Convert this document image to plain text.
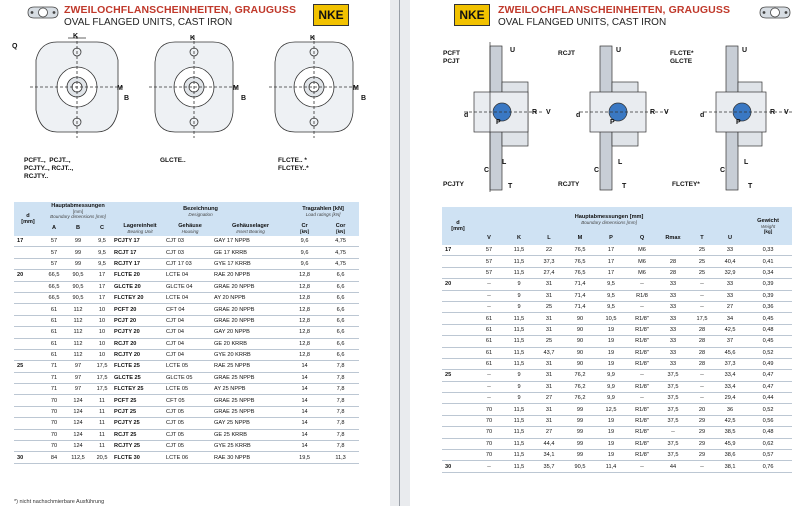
ZWEILOCHFLANSCHEINHEITEN, GRAUGUSS
OVAL FLANGED UNITS, CAST IRON
NKE
K
Q
M
B
PCFT..,  PCJT..,
PCJTY.., RCJT..,
RCJTY..
K
M
B
GLCTE..
K
M
B
FLCTE.. *
FLCTEY..*
d
[mm]	Hauptabmessungen
[mm]
Boundary dimensions [mm]			Bezeichnung
Designation			Tragzahlen [kN]
Load ratings [kN]	

	A	B	C	Lagereinheit
Bearing Unit	Gehäuse
Housing	Gehäuselager
Insert Bearing	Cr
[kN]	Cor
[kN]

17	57	99	9,5	PCJTY 17	CJT 03	GAY 17 NPPB	9,6	4,75
	57	99	9,5	RCJT 17	CJT 03	GE 17 KRRB	9,6	4,75
	57	99	9,5	RCJTY 17	CJT 17 03	GYE 17 KRRB	9,6	4,75
20	66,5	90,5	17	FLCTE 20	LCTE 04	RAE 20 NPPB	12,8	6,6
	66,5	90,5	17	GLCTE 20	GLCTE 04	GRAE 20 NPPB	12,8	6,6
	66,5	90,5	17	FLCTEY 20	LCTE 04	AY 20 NPPB	12,8	6,6
	61	112	10	PCFT 20	CFT 04	GRAE 20 NPPB	12,8	6,6
	61	112	10	PCJT 20	CJT 04	GRAE 20 NPPB	12,8	6,6
	61	112	10	PCJTY 20	CJT 04	GAY 20 NPPB	12,8	6,6
	61	112	10	RCJT 20	CJT 04	GE 20 KRRB	12,8	6,6
	61	112	10	RCJTY 20	CJT 04	GYE 20 KRRB	12,8	6,6
25	71	97	17,5	FLCTE 25	LCTE 05	RAE 25 NPPB	14	7,8
	71	97	17,5	GLCTE 25	GLCTE 05	GRAE 25 NPPB	14	7,8
	71	97	17,5	FLCTEY 25	LCTE 05	AY 25 NPPB	14	7,8
	70	124	11	PCFT 25	CFT 05	GRAE 25 NPPB	14	7,8
	70	124	11	PCJT 25	CJT 05	GRAE 25 NPPB	14	7,8
	70	124	11	PCJTY 25	CJT 05	GAY 25 NPPB	14	7,8
	70	124	11	RCJT 25	CJT 05	GE 25 KRRB	14	7,8
	70	124	11	RCJTY 25	CJT 05	GYE 25 KRRB	14	7,8
30	84	112,5	20,5	FLCTE 30	LCTE 06	RAE 30 NPPB	19,5	11,3
*) nicht nachschmierbare Ausführung
NKE	ZWEILOCHFLANSCHEINHEITEN, GRAUGUSS
OVAL FLANGED UNITS, CAST IRON
U
d
P
R V
C
T
L
PCFT
PCJT
PCJTY
U
d
P
R V
C
T
L
RCJT
RCJTY
U
d
P
R V
C
T
L
FLCTE*
GLCTE
FLCTEY*
d
[mm]	Hauptabmessungen [mm]
Boundary dimensions [mm]									Gewicht
Weight
[kg]

	V	K	L	M	P	Q	Rmax	T	U	
17	57	11,5	22	76,5	17	M6		25	33	0,33
	57	11,5	37,3	76,5	17	M6	28	25	40,4	0,41
	57	11,5	27,4	76,5	17	M6	28	25	32,9	0,34
20	--	9	31	71,4	9,5	--	33	--	33	0,39
	--	9	31	71,4	9,5	R1/8	33	--	33	0,39
	--	9	25	71,4	9,5	--	33	--	27	0,36
	61	11,5	31	90	10,5	R1/8"	33	17,5	34	0,45
	61	11,5	31	90	19	R1/8"	33	28	42,5	0,48
	61	11,5	25	90	19	R1/8"	33	28	37	0,45
	61	11,5	43,7	90	19	R1/8"	33	28	45,6	0,52
	61	11,5	31	90	19	R1/8"	33	28	37,3	0,49
25	--	9	31	76,2	9,9	--	37,5	--	33,4	0,47
	--	9	31	76,2	9,9	R1/8"	37,5	--	33,4	0,47
	--	9	27	76,2	9,9	--	37,5	--	29,4	0,44
	70	11,5	31	99	12,5	R1/8"	37,5	20	36	0,52
	70	11,5	31	99	19	R1/8"	37,5	29	42,5	0,56
	70	11,5	27	99	19	R1/8"	--	29	38,5	0,48
	70	11,5	44,4	99	19	R1/8"	37,5	29	45,9	0,62
	70	11,5	34,1	99	19	R1/8"	37,5	29	38,6	0,57
30	--	11,5	35,7	90,5	11,4	--	44	--	38,1	0,76
